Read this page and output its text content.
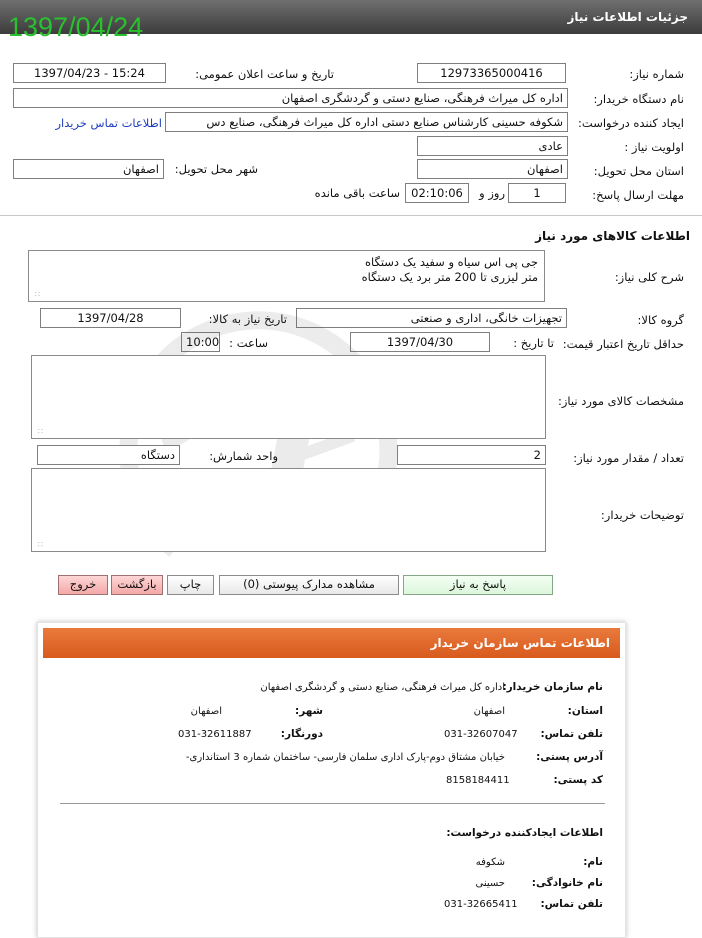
جزئیات اطلاعات نیاز
1397/04/24
شماره نیاز:
12973365000416
تاریخ و ساعت اعلان عمومی:
1397/04/23 - 15:24
نام دستگاه خریدار:
اداره کل میراث فرهنگی، صنایع دستی و گردشگری اصفهان
ایجاد کننده درخواست:
شکوفه حسینی کارشناس صنایع دستی اداره کل میراث فرهنگی، صنایع دس
اطلاعات تماس خریدار
اولویت نیاز :
عادی
استان محل تحویل:
اصفهان
شهر محل تحویل:
اصفهان
مهلت ارسال پاسخ:
1
روز و
02:10:06
ساعت باقی مانده
اطلاعات کالاهای مورد نیاز
شرح کلی نیاز:
جی پی اس سیاه و سفید یک دستگاه
متر لیزری تا 200 متر برد یک دستگاه
∷
گروه کالا:
تجهیزات خانگی، اداری و صنعتی
تاریخ نیاز به کالا:
1397/04/28
حداقل تاریخ اعتبار قیمت:
تا تاریخ :
1397/04/30
ساعت :
10:00
مشخصات کالای مورد نیاز:
∷
تعداد / مقدار مورد نیاز:
2
واحد شمارش:
دستگاه
توضیحات خریدار:
∷
پاسخ به نیاز
مشاهده مدارک پیوستی (0)
چاپ
بازگشت
خروج
اطلاعات تماس سازمان خریدار
نام سازمان خریدار:
اداره کل میراث فرهنگی، صنایع دستی و گردشگری اصفهان
استان:
اصفهان
شهر:
اصفهان
تلفن تماس:
031-32607047
دورنگار:
031-32611887
آدرس پستی:
خیابان مشتاق دوم-پارک اداری سلمان فارسی- ساختمان شماره 3 استانداری-
کد پستی:
8158184411
اطلاعات ایجادکننده درخواست:
نام:
شکوفه
نام خانوادگی:
حسینی
تلفن تماس:
031-32665411
